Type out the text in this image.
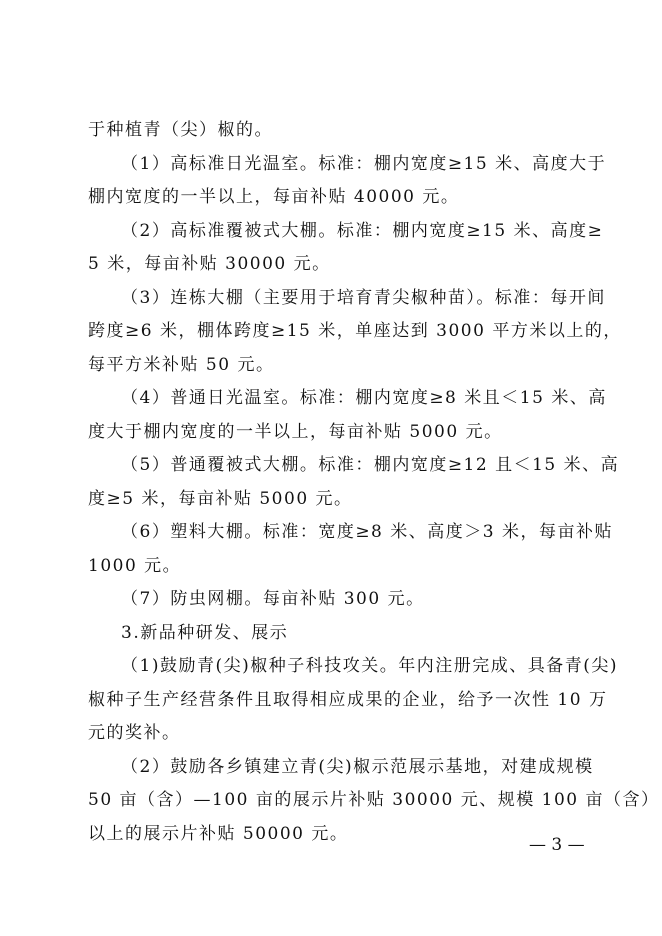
于种植青（尖）椒的。
（1）高标准日光温室。标准：棚内宽度≥15 米、高度大于
棚内宽度的一半以上，每亩补贴 40000 元。
（2）高标准覆被式大棚。标准：棚内宽度≥15 米、高度≥
5 米，每亩补贴 30000 元。
（3）连栋大棚（主要用于培育青尖椒种苗）。标准：每开间
跨度≥6 米，棚体跨度≥15 米，单座达到 3000 平方米以上的，
每平方米补贴 50 元。
（4）普通日光温室。标准：棚内宽度≥8 米且＜15 米、高
度大于棚内宽度的一半以上，每亩补贴 5000 元。
（5）普通覆被式大棚。标准：棚内宽度≥12 且＜15 米、高
度≥5 米，每亩补贴 5000 元。
（6）塑料大棚。标准：宽度≥8 米、高度＞3 米，每亩补贴
1000 元。
（7）防虫网棚。每亩补贴 300 元。
3.新品种研发、展示
（1)鼓励青(尖)椒种子科技攻关。年内注册完成、具备青(尖)
椒种子生产经营条件且取得相应成果的企业，给予一次性 10 万
元的奖补。
（2）鼓励各乡镇建立青(尖)椒示范展示基地，对建成规模
50 亩（含）—100 亩的展示片补贴 30000 元、规模 100 亩（含）
以上的展示片补贴 50000 元。
— 3 —
